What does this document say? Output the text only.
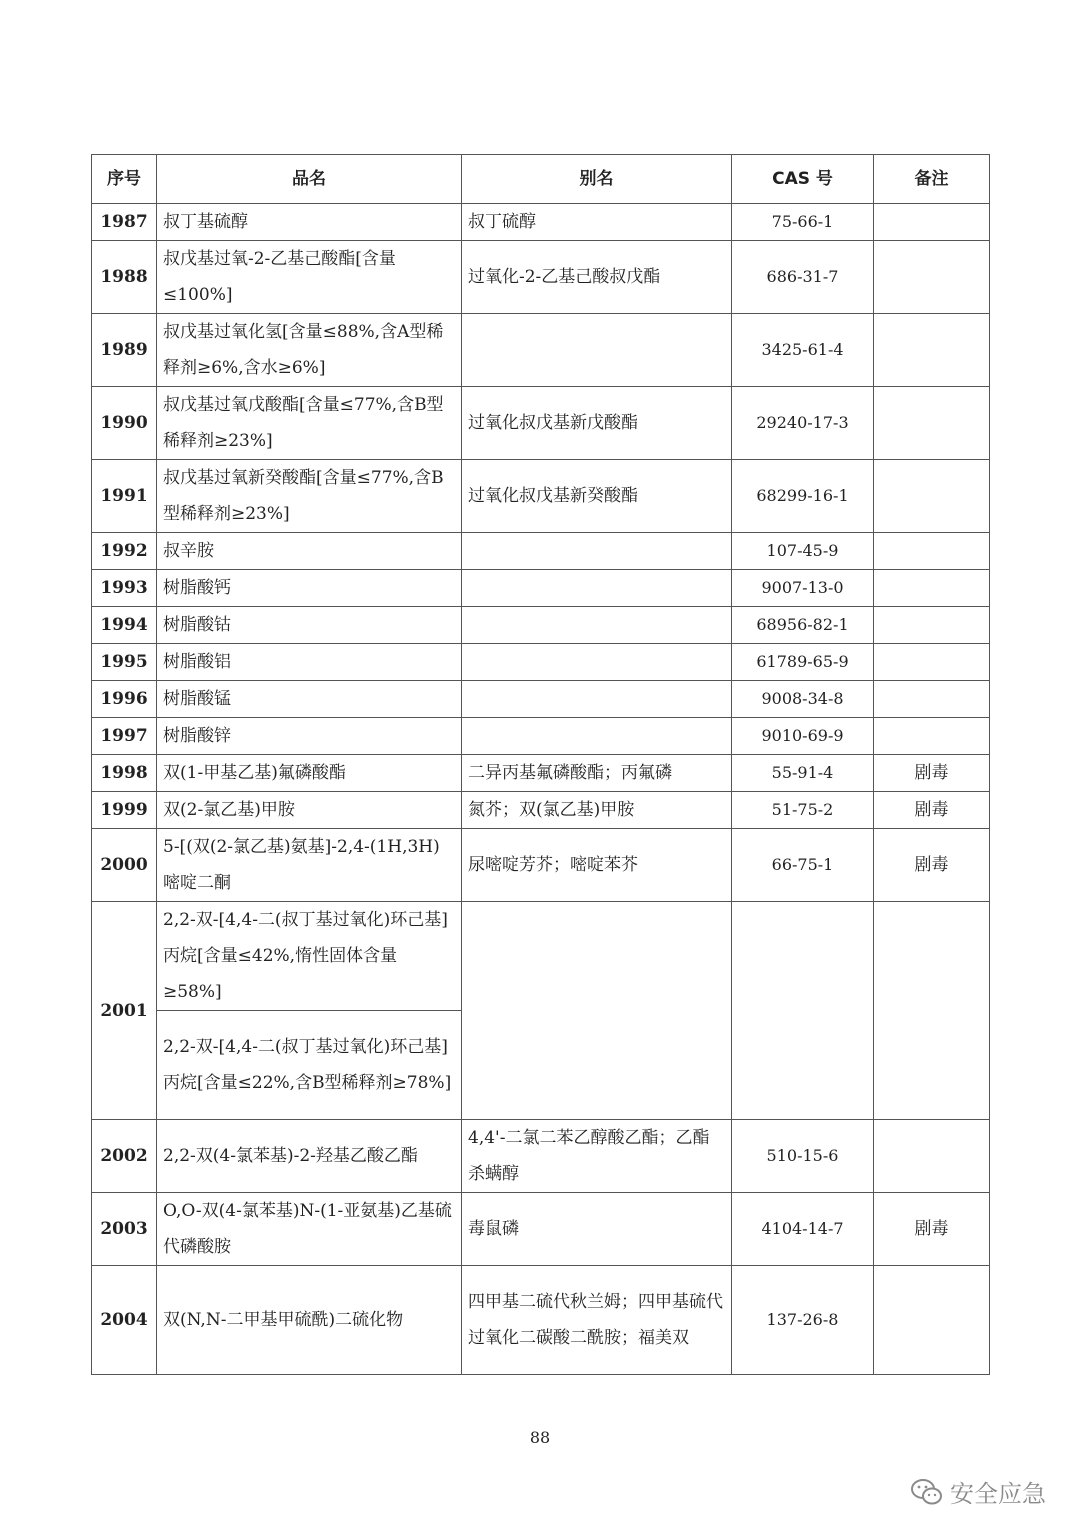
序号	品名	别名	CAS 号	备注
1987	叔丁基硫醇	叔丁硫醇	75-66-1	
1988	叔戊基过氧-2-乙基己酸酯[含量≤100%]	过氧化-2-乙基己酸叔戊酯	686-31-7	
1989	叔戊基过氧化氢[含量≤88%,含A型稀释剂≥6%,含水≥6%]		3425-61-4	
1990	叔戊基过氧戊酸酯[含量≤77%,含B型稀释剂≥23%]	过氧化叔戊基新戊酸酯	29240-17-3	
1991	叔戊基过氧新癸酸酯[含量≤77%,含B型稀释剂≥23%]	过氧化叔戊基新癸酸酯	68299-16-1	
1992	叔辛胺		107-45-9	
1993	树脂酸钙		9007-13-0	
1994	树脂酸钴		68956-82-1	
1995	树脂酸铝		61789-65-9	
1996	树脂酸锰		9008-34-8	
1997	树脂酸锌		9010-69-9	
1998	双(1-甲基乙基)氟磷酸酯	二异丙基氟磷酸酯；丙氟磷	55-91-4	剧毒
1999	双(2-氯乙基)甲胺	氮芥；双(氯乙基)甲胺	51-75-2	剧毒
2000	5-[(双(2-氯乙基)氨基]-2,4-(1H,3H)嘧啶二酮	尿嘧啶芳芥；嘧啶苯芥	66-75-1	剧毒
2001	2,2-双-[4,4-二(叔丁基过氧化)环己基]丙烷[含量≤42%,惰性固体含量≥58%]			
	2,2-双-[4,4-二(叔丁基过氧化)环己基]丙烷[含量≤22%,含B型稀释剂≥78%]			
2002	2,2-双(4-氯苯基)-2-羟基乙酸乙酯	4,4'-二氯二苯乙醇酸乙酯；乙酯杀螨醇	510-15-6	
2003	O,O-双(4-氯苯基)N-(1-亚氨基)乙基硫代磷酸胺	毒鼠磷	4104-14-7	剧毒
2004	双(N,N-二甲基甲硫酰)二硫化物	四甲基二硫代秋兰姆；四甲基硫代过氧化二碳酸二酰胺；福美双	137-26-8	
88
安全应急
